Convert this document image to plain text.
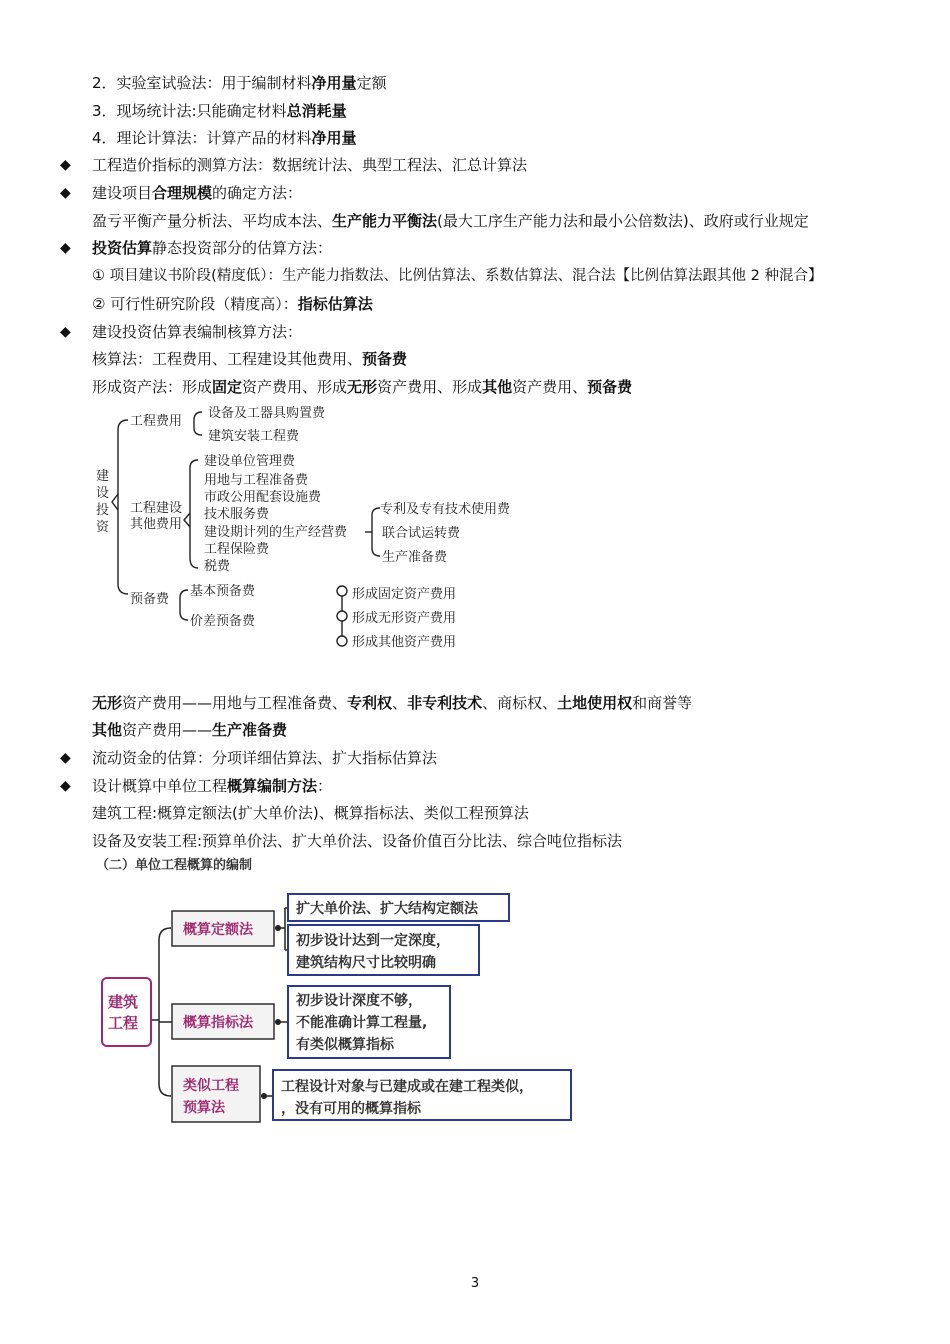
2．实验室试验法：用于编制材料净用量定额
3．现场统计法:只能确定材料总消耗量
4．理论计算法：计算产品的材料净用量
◆ 工程造价指标的测算方法：数据统计法、典型工程法、汇总计算法
◆ 建设项目合理规模的确定方法：
盈亏平衡产量分析法、平均成本法、生产能力平衡法(最大工序生产能力法和最小公倍数法)、政府或行业规定
◆ 投资估算静态投资部分的估算方法：
① 项目建议书阶段(精度低）：生产能力指数法、比例估算法、系数估算法、混合法【比例估算法跟其他 2 种混合】
② 可行性研究阶段（精度高）：指标估算法
◆ 建设投资估算表编制核算方法：
核算法：工程费用、工程建设其他费用、预备费
形成资产法：形成固定资产费用、形成无形资产费用、形成其他资产费用、预备费
建
设
投
资
工程费用
设备及工器具购置费
建筑安装工程费
工程建设
其他费用
建设单位管理费
用地与工程准备费
市政公用配套设施费
技术服务费
建设期计列的生产经营费
工程保险费
税费
专利及专有技术使用费
联合试运转费
生产准备费
预备费
基本预备费
价差预备费
形成固定资产费用
形成无形资产费用
形成其他资产费用
无形资产费用——用地与工程准备费、专利权、非专利技术、商标权、土地使用权和商誉等
其他资产费用——生产准备费
◆ 流动资金的估算：分项详细估算法、扩大指标估算法
◆ 设计概算中单位工程概算编制方法：
建筑工程:概算定额法(扩大单价法)、概算指标法、类似工程预算法
设备及安装工程:预算单价法、扩大单价法、设备价值百分比法、综合吨位指标法
（二）单位工程概算的编制
建筑
工程
概算定额法
概算指标法
类似工程
预算法
扩大单价法、扩大结构定额法
初步设计达到一定深度，
建筑结构尺寸比较明确
初步设计深度不够，
不能准确计算工程量,
有类似概算指标
工程设计对象与已建成或在建工程类似，
，没有可用的概算指标
3
